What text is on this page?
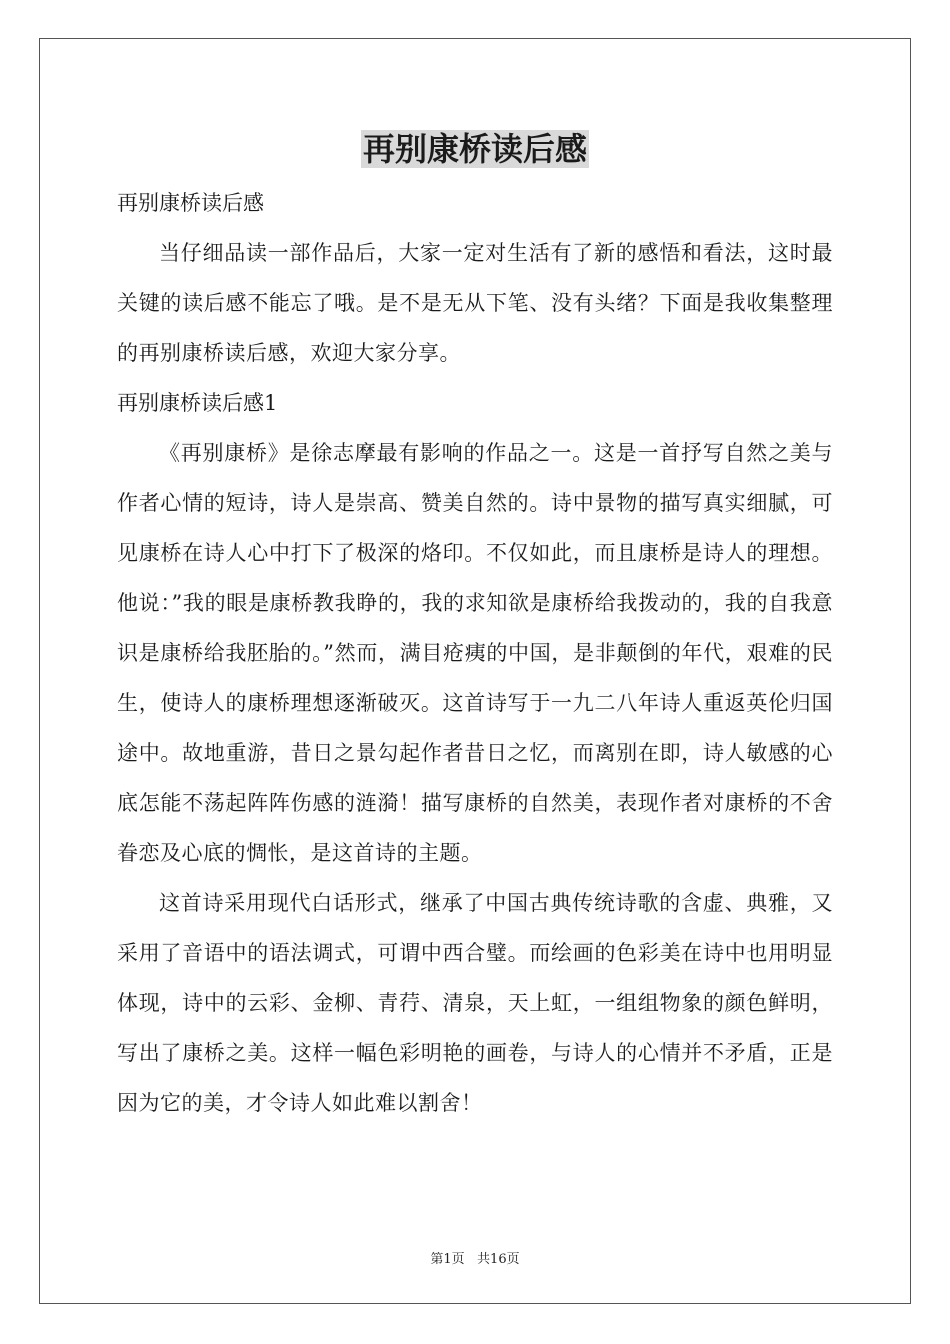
再别康桥读后感

再别康桥读后感

当仔细品读一部作品后，大家一定对生活有了新的感悟和看法，这时最关键的读后感不能忘了哦。是不是无从下笔、没有头绪？下面是我收集整理的再别康桥读后感，欢迎大家分享。

再别康桥读后感1

《再别康桥》是徐志摩最有影响的作品之一。这是一首抒写自然之美与作者心情的短诗，诗人是崇高、赞美自然的。诗中景物的描写真实细腻，可见康桥在诗人心中打下了极深的烙印。不仅如此，而且康桥是诗人的理想。他说：”我的眼是康桥教我睁的，我的求知欲是康桥给我拨动的，我的自我意识是康桥给我胚胎的。”然而，满目疮痍的中国，是非颠倒的年代，艰难的民生，使诗人的康桥理想逐渐破灭。这首诗写于一九二八年诗人重返英伦归国途中。故地重游，昔日之景勾起作者昔日之忆，而离别在即，诗人敏感的心底怎能不荡起阵阵伤感的涟漪！描写康桥的自然美，表现作者对康桥的不舍眷恋及心底的惆怅，是这首诗的主题。

这首诗采用现代白话形式，继承了中国古典传统诗歌的含虚、典雅，又采用了音语中的语法调式，可谓中西合璧。而绘画的色彩美在诗中也用明显体现，诗中的云彩、金柳、青荇、清泉，天上虹，一组组物象的颜色鲜明，写出了康桥之美。这样一幅色彩明艳的画卷，与诗人的心情并不矛盾，正是因为它的美，才令诗人如此难以割舍！

第1页   共16页
